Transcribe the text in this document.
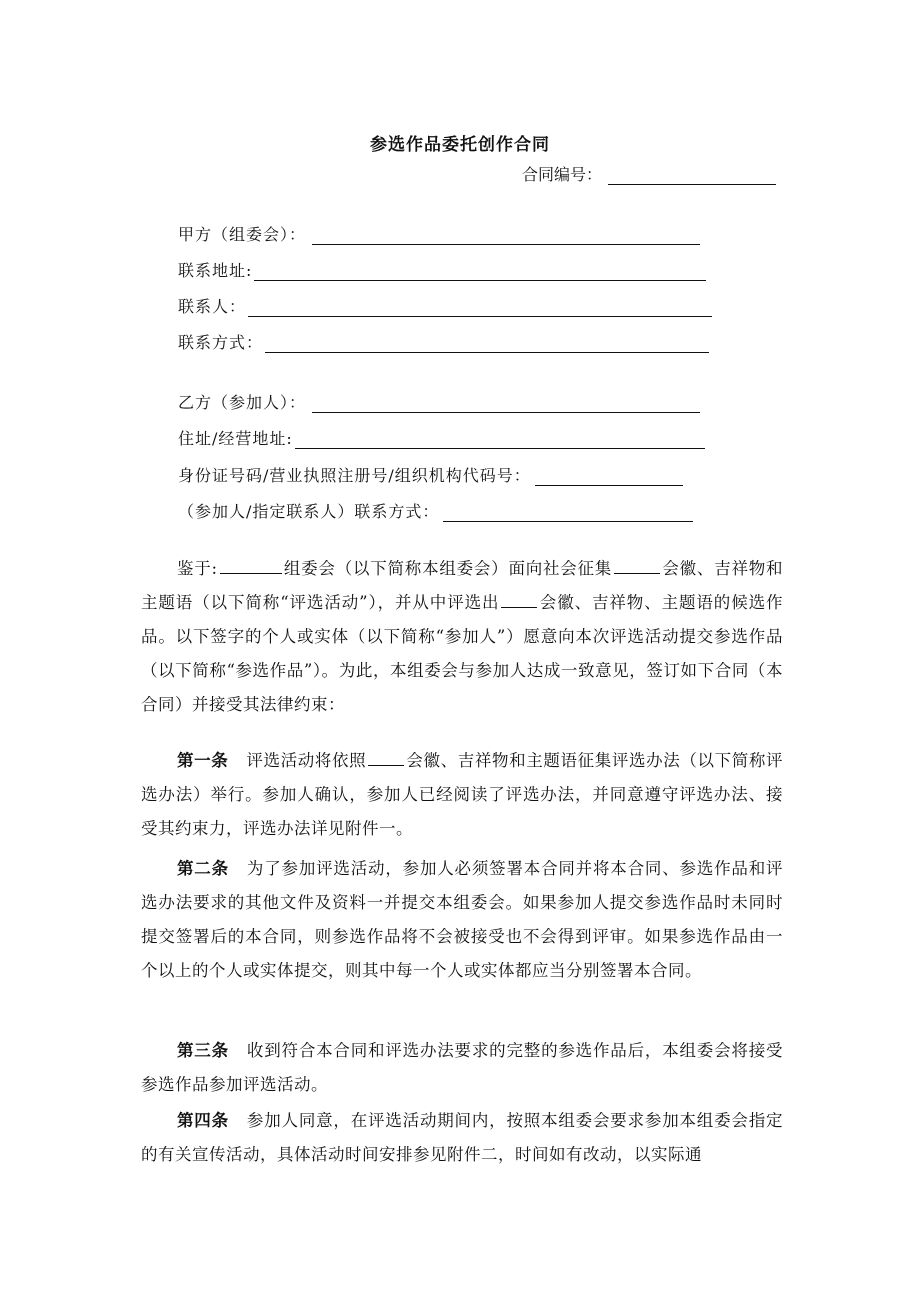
参选作品委托创作合同
合同编号：
甲方（组委会）：
联系地址:
联系人：
联系方式：
乙方（参加人）：
住址/经营地址:
身份证号码/营业执照注册号/组织机构代码号：
（参加人/指定联系人）联系方式：
鉴于:	组委会（以下简称本组委会）面向社会征集	会徽、吉祥物和主题语（以下简称“评选活动”），并从中评选出 会徽、吉祥物、主题语的候选作品。以下签字的个人或实体（以下简称“参加人”）愿意向本次评选活动提交参选作品（以下简称“参选作品”）。为此，本组委会与参加人达成一致意见，签订如下合同（本合同）并接受其法律约束：
第一条 评选活动将依照 会徽、吉祥物和主题语征集评选办法（以下简称评选办法）举行。参加人确认，参加人已经阅读了评选办法，并同意遵守评选办法、接受其约束力，评选办法详见附件一。
第二条 为了参加评选活动，参加人必须签署本合同并将本合同、参选作品和评选办法要求的其他文件及资料一并提交本组委会。如果参加人提交参选作品时未同时提交签署后的本合同，则参选作品将不会被接受也不会得到评审。如果参选作品由一个以上的个人或实体提交，则其中每一个人或实体都应当分别签署本合同。
第三条 收到符合本合同和评选办法要求的完整的参选作品后，本组委会将接受参选作品参加评选活动。
第四条 参加人同意，在评选活动期间内，按照本组委会要求参加本组委会指定的有关宣传活动，具体活动时间安排参见附件二，时间如有改动，以实际通
